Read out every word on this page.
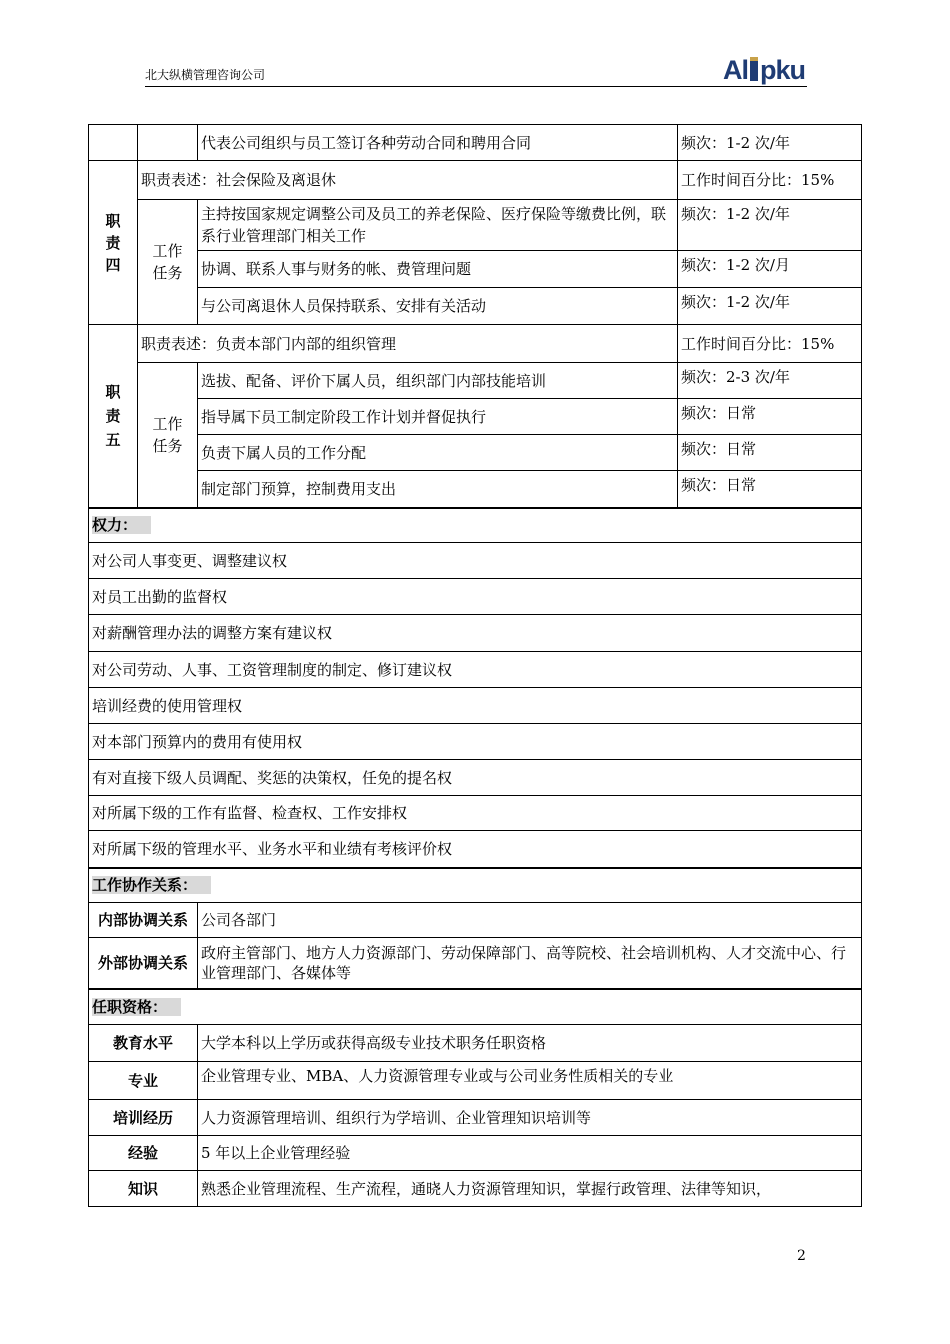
北大纵横管理咨询公司	Al pku
		代表公司组织与员工签订各种劳动合同和聘用合同	频次：1-2 次/年
职责四	职责表述：社会保险及离退休		工作时间百分比：15%
	工作任务	主持按国家规定调整公司及员工的养老保险、医疗保险等缴费比例，联系行业管理部门相关工作	频次：1-2 次/年
		协调、联系人事与财务的帐、费管理问题	频次：1-2 次/月
		与公司离退休人员保持联系、安排有关活动	频次：1-2 次/年
职责五	职责表述：负责本部门内部的组织管理		工作时间百分比：15%
	工作任务	选拔、配备、评价下属人员，组织部门内部技能培训	频次：2-3 次/年
		指导属下员工制定阶段工作计划并督促执行	频次：日常
		负责下属人员的工作分配	频次：日常
		制定部门预算，控制费用支出	频次：日常
权力：			
对公司人事变更、调整建议权			
对员工出勤的监督权			
对薪酬管理办法的调整方案有建议权			
对公司劳动、人事、工资管理制度的制定、修订建议权			
培训经费的使用管理权			
对本部门预算内的费用有使用权			
有对直接下级人员调配、奖惩的决策权，任免的提名权			
对所属下级的工作有监督、检查权、工作安排权			
对所属下级的管理水平、业务水平和业绩有考核评价权			
工作协作关系：			
内部协调关系		公司各部门	
外部协调关系		政府主管部门、地方人力资源部门、劳动保障部门、高等院校、社会培训机构、人才交流中心、行业管理部门、各媒体等	
任职资格：			
教育水平		大学本科以上学历或获得高级专业技术职务任职资格	
专业		企业管理专业、MBA、人力资源管理专业或与公司业务性质相关的专业	
培训经历		人力资源管理培训、组织行为学培训、企业管理知识培训等	
经验		5 年以上企业管理经验	
知识		熟悉企业管理流程、生产流程，通晓人力资源管理知识，掌握行政管理、法律等知识，	
2
